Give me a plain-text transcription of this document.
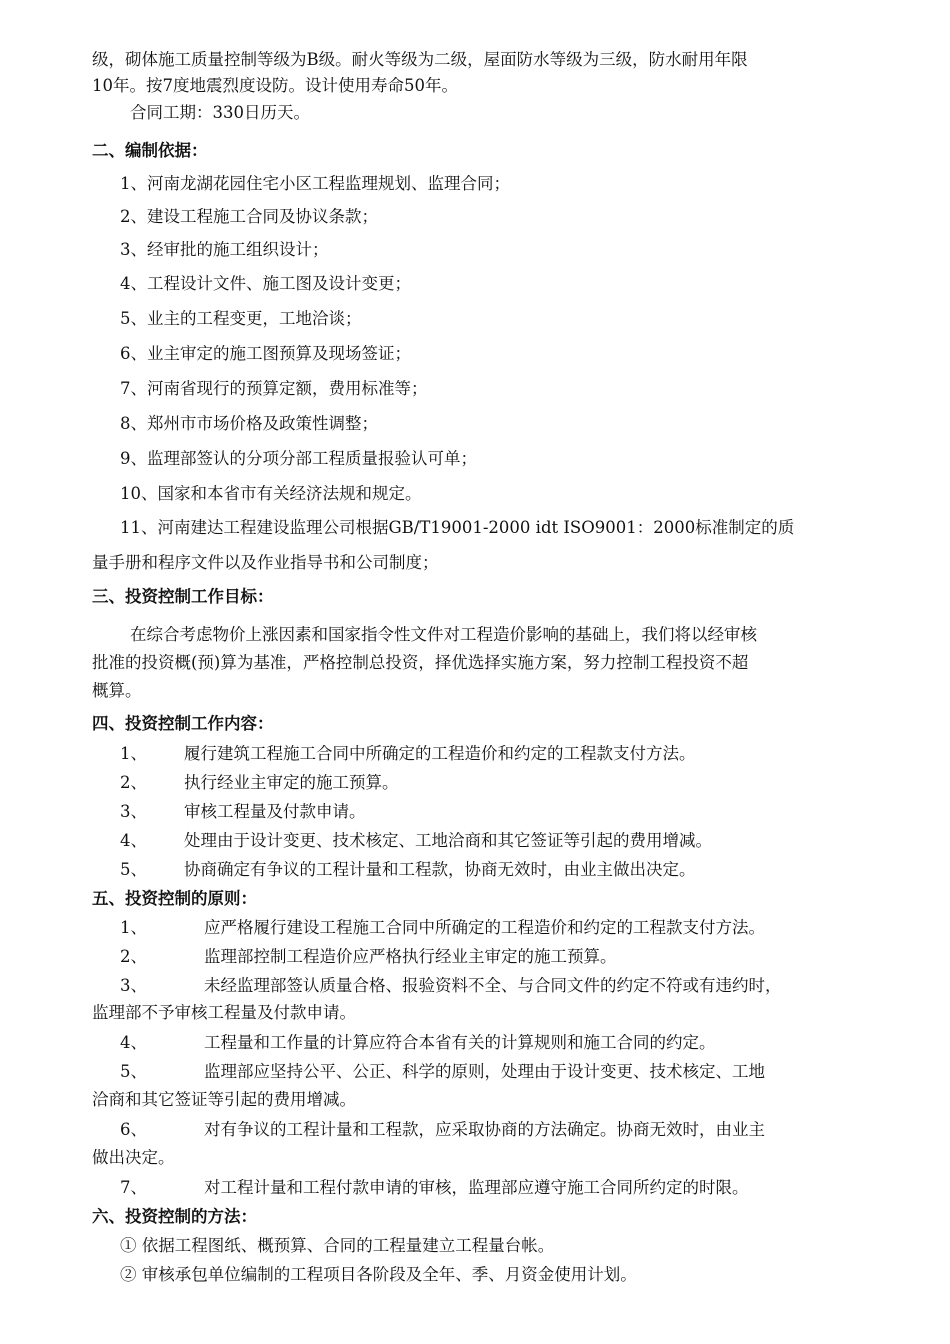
级，砌体施工质量控制等级为B级。耐火等级为二级，屋面防水等级为三级，防水耐用年限
10年。按7度地震烈度设防。设计使用寿命50年。
合同工期：330日历天。
二、编制依据：
1、河南龙湖花园住宅小区工程监理规划、监理合同；
2、建设工程施工合同及协议条款；
3、经审批的施工组织设计；
4、工程设计文件、施工图及设计变更；
5、业主的工程变更，工地洽谈；
6、业主审定的施工图预算及现场签证；
7、河南省现行的预算定额，费用标准等；
8、郑州市市场价格及政策性调整；
9、监理部签认的分项分部工程质量报验认可单；
10、国家和本省市有关经济法规和规定。
11、河南建达工程建设监理公司根据GB/T19001-2000 idt ISO9001：2000标准制定的质
量手册和程序文件以及作业指导书和公司制度；
三、投资控制工作目标：
在综合考虑物价上涨因素和国家指令性文件对工程造价影响的基础上，我们将以经审核
批准的投资概(预)算为基准，严格控制总投资，择优选择实施方案，努力控制工程投资不超
概算。
四、投资控制工作内容：
1、 履行建筑工程施工合同中所确定的工程造价和约定的工程款支付方法。
2、 执行经业主审定的施工预算。
3、 审核工程量及付款申请。
4、 处理由于设计变更、技术核定、工地洽商和其它签证等引起的费用增减。
5、 协商确定有争议的工程计量和工程款，协商无效时，由业主做出决定。
五、投资控制的原则：
1、	应严格履行建设工程施工合同中所确定的工程造价和约定的工程款支付方法。
2、	监理部控制工程造价应严格执行经业主审定的施工预算。
3、	未经监理部签认质量合格、报验资料不全、与合同文件的约定不符或有违约时，
监理部不予审核工程量及付款申请。
4、	工程量和工作量的计算应符合本省有关的计算规则和施工合同的约定。
5、	监理部应坚持公平、公正、科学的原则，处理由于设计变更、技术核定、工地
洽商和其它签证等引起的费用增减。
6、	对有争议的工程计量和工程款，应采取协商的方法确定。协商无效时，由业主
做出决定。
7、	对工程计量和工程付款申请的审核，监理部应遵守施工合同所约定的时限。
六、投资控制的方法：
① 依据工程图纸、概预算、合同的工程量建立工程量台帐。
② 审核承包单位编制的工程项目各阶段及全年、季、月资金使用计划。
